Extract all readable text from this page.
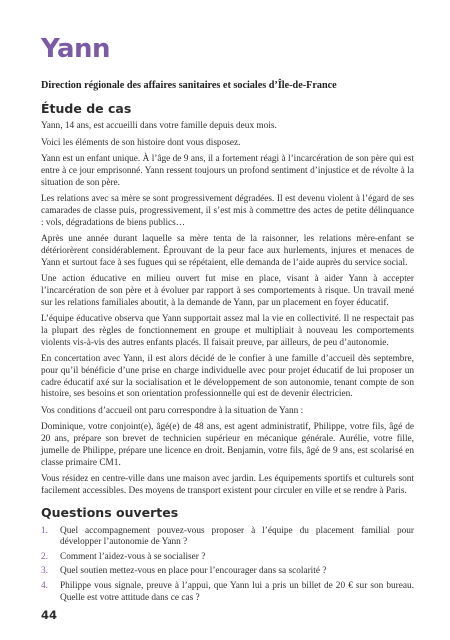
Yann
Direction régionale des affaires sanitaires et sociales d’Île-de-France
Étude de cas

Yann, 14 ans, est accueilli dans votre famille depuis deux mois.

Voici les éléments de son histoire dont vous disposez.

Yann est un enfant unique. À l’âge de 9 ans, il a fortement réagi à l’incarcération de son père qui est entre à ce jour emprisonné. Yann ressent toujours un profond sentiment d’injustice et de révolte à la situation de son père.

Les relations avec sa mère se sont progressivement dégradées. Il est devenu violent à l’égard de ses camarades de classe puis, progressivement, il s’est mis à commettre des actes de petite délinquance : vols, dégradations de biens publics…

Après une année durant laquelle sa mère tenta de la raisonner, les relations mère-enfant se détériorèrent considérablement. Éprouvant de la peur face aux hurlements, injures et menaces de Yann et surtout face à ses fugues qui se répétaient, elle demanda de l’aide auprès du service social.

Une action éducative en milieu ouvert fut mise en place, visant à aider Yann à accepter l’incarcération de son père et à évoluer par rapport à ses comportements à risque. Un travail mené sur les relations familiales aboutit, à la demande de Yann, par un placement en foyer éducatif.

L’équipe éducative observa que Yann supportait assez mal la vie en collectivité. Il ne respectait pas la plupart des règles de fonctionnement en groupe et multipliait à nouveau les comportements violents vis-à-vis des autres enfants placés. Il faisait preuve, par ailleurs, de peu d’autonomie.

En concertation avec Yann, il est alors décidé de le confier à une famille d’accueil dès septembre, pour qu’il bénéficie d’une prise en charge individuelle avec pour projet éducatif de lui proposer un cadre éducatif axé sur la socialisation et le développement de son autonomie, tenant compte de son histoire, ses besoins et son orientation professionnelle qui est de devenir électricien.

Vos conditions d’accueil ont paru correspondre à la situation de Yann :

Dominique, votre conjoint(e), âgé(e) de 48 ans, est agent administratif, Philippe, votre fils, âgé de 20 ans, prépare son brevet de technicien supérieur en mécanique générale. Aurélie, votre fille, jumelle de Philippe, prépare une licence en droit. Benjamin, votre fils, âgé de 9 ans, est scolarisé en classe primaire CM1.

Vous résidez en centre-ville dans une maison avec jardin. Les équipements sportifs et culturels sont facilement accessibles. Des moyens de transport existent pour circuler en ville et se rendre à Paris.

Questions ouvertes
1. Quel accompagnement pouvez-vous proposer à l’équipe du placement familial pour développer l’autonomie de Yann ?
2. Comment l’aidez-vous à se socialiser ?
3. Quel soutien mettez-vous en place pour l’encourager dans sa scolarité ?
4. Philippe vous signale, preuve à l’appui, que Yann lui a pris un billet de 20 € sur son bureau. Quelle est votre attitude dans ce cas ?
44
